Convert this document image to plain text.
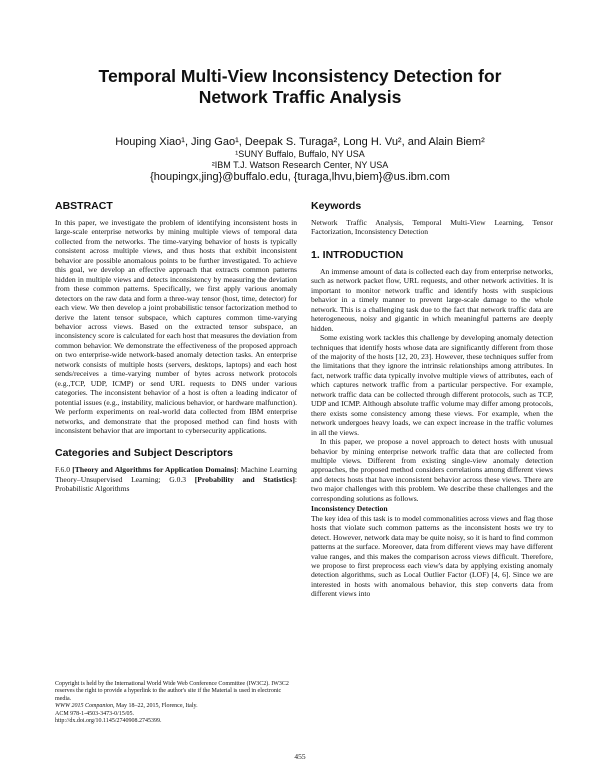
Temporal Multi-View Inconsistency Detection for
Network Traffic Analysis
Houping Xiao¹, Jing Gao¹, Deepak S. Turaga², Long H. Vu², and Alain Biem²
¹SUNY Buffalo, Buffalo, NY USA
²IBM T.J. Watson Research Center, NY USA
{houpingx,jing}@buffalo.edu, {turaga,lhvu,biem}@us.ibm.com
ABSTRACT

In this paper, we investigate the problem of identifying inconsistent hosts in large-scale enterprise networks by mining multiple views of temporal data collected from the networks. The time-varying behavior of hosts is typically consistent across multiple views, and thus hosts that exhibit inconsistent behavior are possible anomalous points to be further investigated. To achieve this goal, we develop an effective approach that extracts common patterns hidden in multiple views and detects inconsistency by measuring the deviation from these common patterns. Specifically, we first apply various anomaly detectors on the raw data and form a three-way tensor (host, time, detector) for each view. We then develop a joint probabilistic tensor factorization method to derive the latent tensor subspace, which captures common time-varying behavior across views. Based on the extracted tensor subspace, an inconsistency score is calculated for each host that measures the deviation from common behavior. We demonstrate the effectiveness of the proposed approach on two enterprise-wide network-based anomaly detection tasks. An enterprise network consists of multiple hosts (servers, desktops, laptops) and each host sends/receives a time-varying number of bytes across network protocols (e.g.,TCP, UDP, ICMP) or send URL requests to DNS under various categories. The inconsistent behavior of a host is often a leading indicator of potential issues (e.g., instability, malicious behavior, or hardware malfunction). We perform experiments on real-world data collected from IBM enterprise networks, and demonstrate that the proposed method can find hosts with inconsistent behavior that are important to cybersecurity applications.

Categories and Subject Descriptors

F.6.0 [Theory and Algorithms for Application Domains]: Machine Learning Theory–Unsupervised Learning; G.0.3 [Probability and Statistics]: Probabilistic Algorithms

Copyright is held by the International World Wide Web Conference Committee (IW3C2). IW3C2 reserves the right to provide a hyperlink to the author's site if the Material is used in electronic media.
WWW 2015 Companion, May 18–22, 2015, Florence, Italy.
ACM 978-1-4503-3473-0/15/05.
http://dx.doi.org/10.1145/2740908.2745399.
Keywords

Network Traffic Analysis, Temporal Multi-View Learning, Tensor Factorization, Inconsistency Detection

1. INTRODUCTION

An immense amount of data is collected each day from enterprise networks, such as network packet flow, URL requests, and other network activities. It is important to monitor network traffic and identify hosts with suspicious behavior in a timely manner to prevent large-scale damage to the whole network. This is a challenging task due to the fact that network traffic data are heterogeneous, noisy and gigantic in which meaningful patterns are deeply hidden.

Some existing work tackles this challenge by developing anomaly detection techniques that identify hosts whose data are significantly different from those of the majority of the hosts [12, 20, 23]. However, these techniques suffer from the limitations that they ignore the intrinsic relationships among attributes. In fact, network traffic data typically involve multiple views of attributes, each of which captures network traffic from a particular perspective. For example, network traffic data can be collected through different protocols, such as TCP, UDP and ICMP. Although absolute traffic volume may differ among protocols, there exists some consistency among these views. For example, when the network undergoes heavy loads, we can expect increase in the traffic volumes in all the views.

In this paper, we propose a novel approach to detect hosts with unusual behavior by mining enterprise network traffic data that are collected from multiple views. Different from existing single-view anomaly detection approaches, the proposed method considers correlations among different views and detects hosts that have inconsistent behavior across these views. There are two major challenges with this problem. We describe these challenges and the corresponding solutions as follows.

Inconsistency Detection

The key idea of this task is to model commonalities across views and flag those hosts that violate such common patterns as the inconsistent hosts we try to detect. However, network data may be quite noisy, so it is hard to find common patterns at the surface. Moreover, data from different views may have different value ranges, and this makes the comparison across views difficult. Therefore, we propose to first preprocess each view's data by applying existing anomaly detection algorithms, such as Local Outlier Factor (LOF) [4, 6]. Since we are interested in hosts with anomalous behavior, this step converts data from different views into

455
